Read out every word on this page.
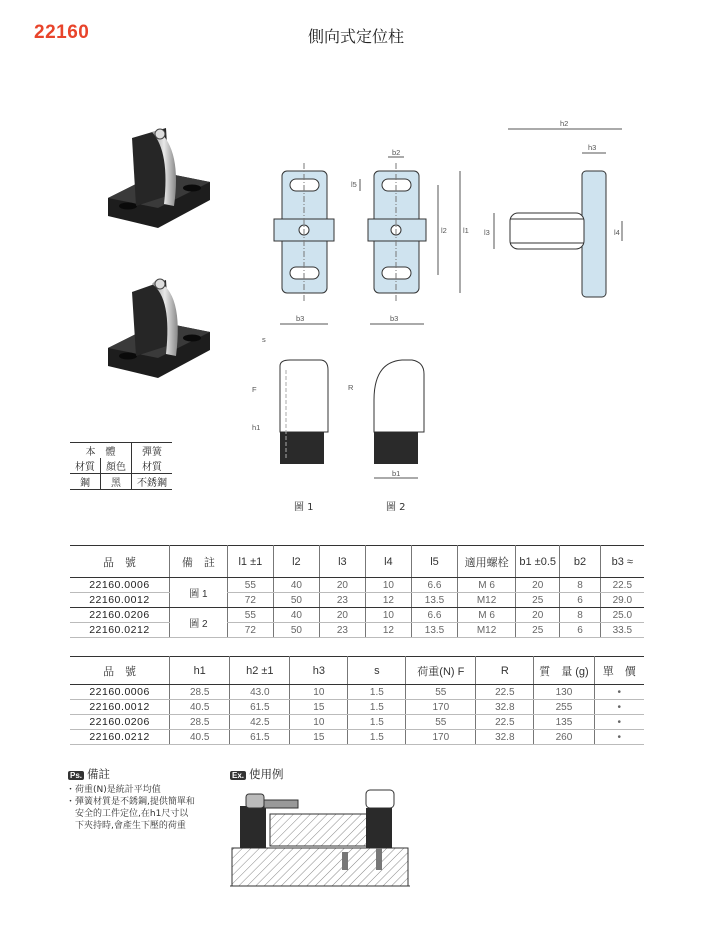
22160	側向式定位柱
b2
l5
l2 l1
h2
h3
l3	l4
b3
s
F
h1
b3
R
b1
圖 1	圖 2
本　體		彈簧
材質	顏色	材質
鋼	黑	不銹鋼
品　號	備　註	l1 ±1	l2	l3	l4	l5	適用螺栓	b1 ±0.5	b2	b3 ≈
22160.0006	圖 1	55	40	20	10	6.6	M 6	20	8	22.5
22160.0012		72	50	23	12	13.5	M12	25	6	29.0
22160.0206	圖 2	55	40	20	10	6.6	M 6	20	8	25.0
22160.0212		72	50	23	12	13.5	M12	25	6	33.5
品　號	h1	h2 ±1	h3	s	荷重(N) F	R	質　量 (g)	單　價
22160.0006	28.5	43.0	10	1.5	55	22.5	130	•
22160.0012	40.5	61.5	15	1.5	170	32.8	255	•
22160.0206	28.5	42.5	10	1.5	55	22.5	135	•
22160.0212	40.5	61.5	15	1.5	170	32.8	260	•
Ps. 備註
・荷重(N)是統計平均值
・彈簧材質是不銹鋼,提供簡單和安全的工件定位,在h1尺寸以下夾持時,會產生下壓的荷重
Ex. 使用例
